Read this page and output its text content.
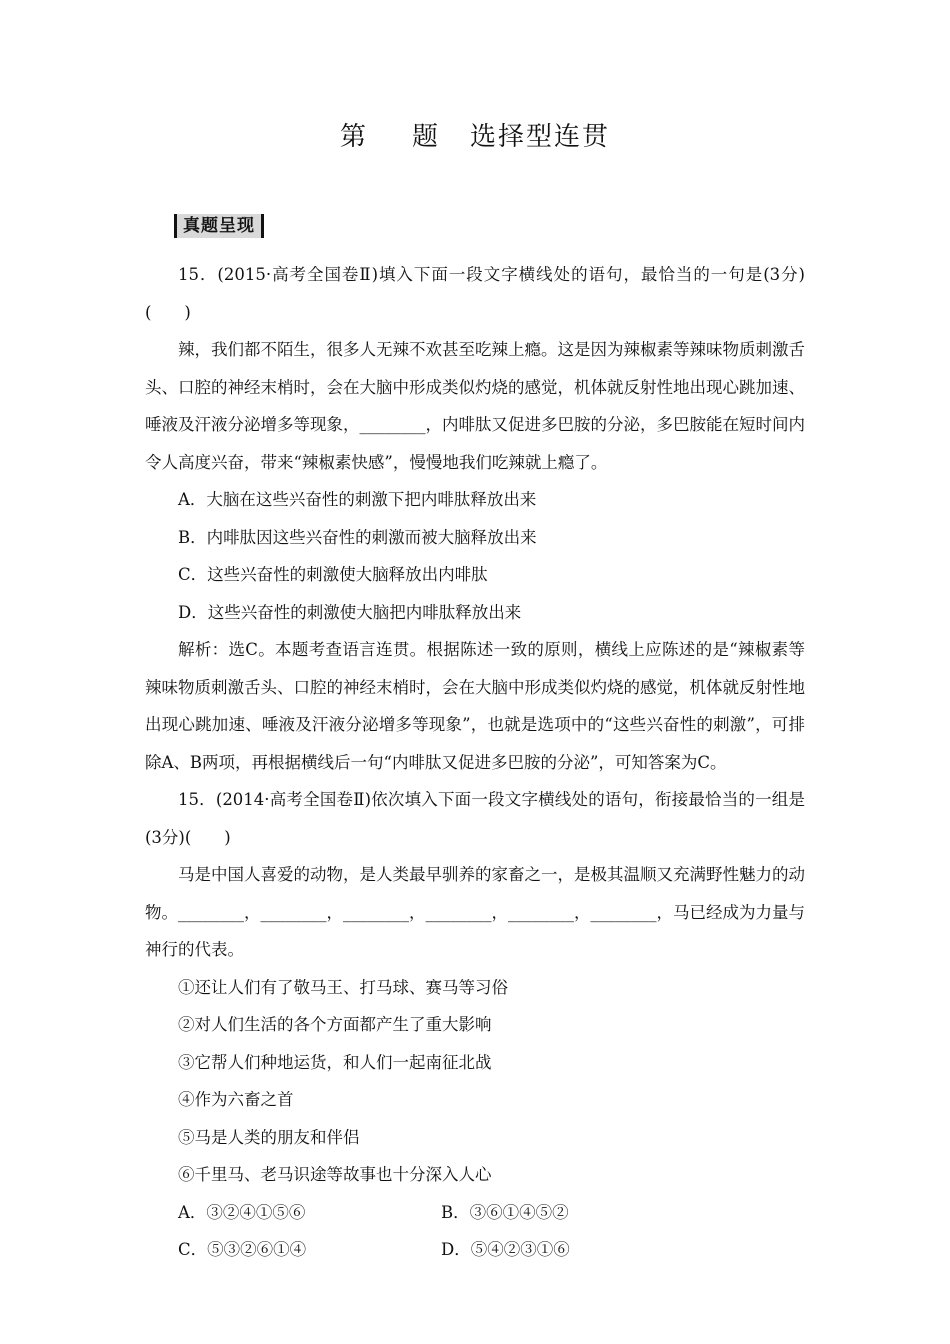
第 题 选择型连贯
真题呈现

15．(2015·高考全国卷Ⅱ)填入下面一段文字横线处的语句，最恰当的一句是(3分)(　　)

辣，我们都不陌生，很多人无辣不欢甚至吃辣上瘾。这是因为辣椒素等辣味物质刺激舌头、口腔的神经末梢时，会在大脑中形成类似灼烧的感觉，机体就反射性地出现心跳加速、唾液及汗液分泌增多等现象，________，内啡肽又促进多巴胺的分泌，多巴胺能在短时间内令人高度兴奋，带来“辣椒素快感”，慢慢地我们吃辣就上瘾了。

A．大脑在这些兴奋性的刺激下把内啡肽释放出来

B．内啡肽因这些兴奋性的刺激而被大脑释放出来

C．这些兴奋性的刺激使大脑释放出内啡肽

D．这些兴奋性的刺激使大脑把内啡肽释放出来

解析：选C。本题考查语言连贯。根据陈述一致的原则，横线上应陈述的是“辣椒素等辣味物质刺激舌头、口腔的神经末梢时，会在大脑中形成类似灼烧的感觉，机体就反射性地出现心跳加速、唾液及汗液分泌增多等现象”，也就是选项中的“这些兴奋性的刺激”，可排除A、B两项，再根据横线后一句“内啡肽又促进多巴胺的分泌”，可知答案为C。

15．(2014·高考全国卷Ⅱ)依次填入下面一段文字横线处的语句，衔接最恰当的一组是(3分)(　　)

马是中国人喜爱的动物，是人类最早驯养的家畜之一，是极其温顺又充满野性魅力的动物。________，________，________，________，________，________，马已经成为力量与神行的代表。

①还让人们有了敬马王、打马球、赛马等习俗

②对人们生活的各个方面都产生了重大影响

③它帮人们种地运货，和人们一起南征北战

④作为六畜之首

⑤马是人类的朋友和伴侣

⑥千里马、老马识途等故事也十分深入人心

A．③②④①⑤⑥	B．③⑥①④⑤②
C．⑤③②⑥①④	D．⑤④②③①⑥
